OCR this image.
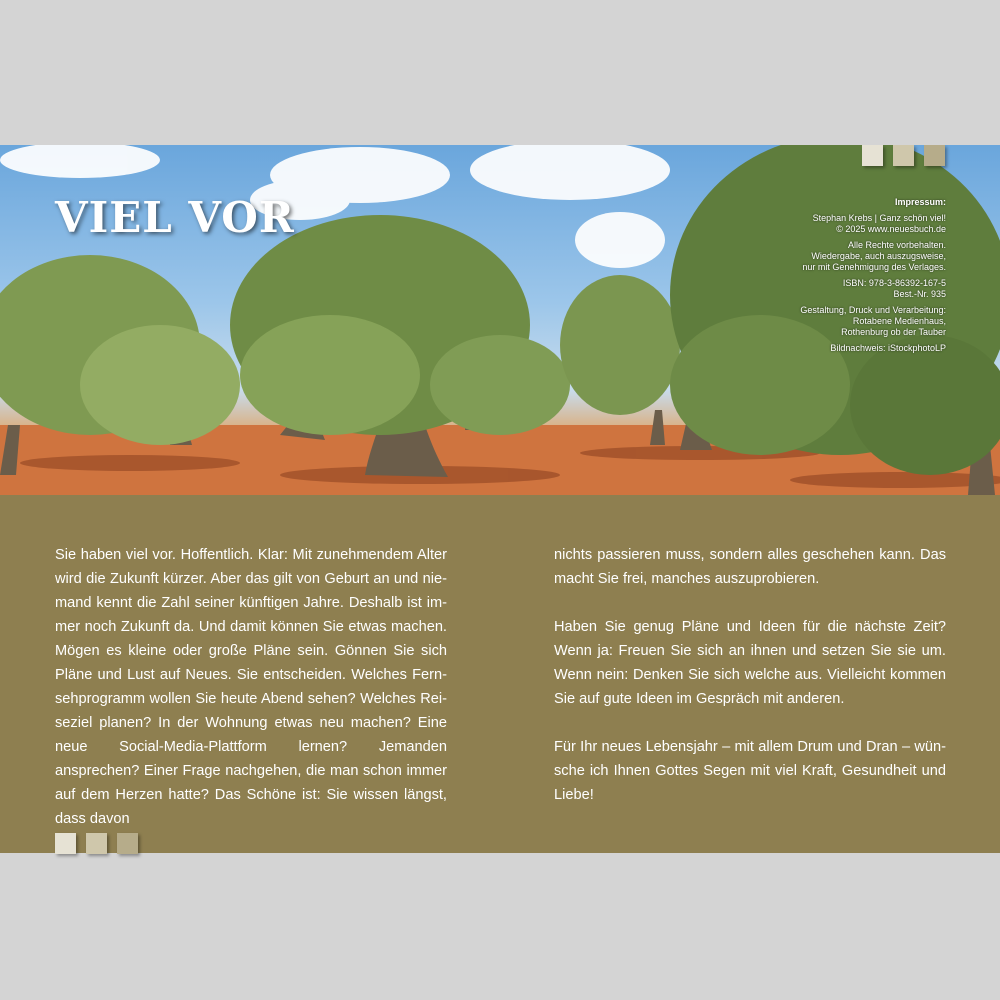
VIEL VOR	Impressum:

Stephan Krebs | Ganz schön viel!
© 2025 www.neuesbuch.de

Alle Rechte vorbehalten.
Wiedergabe, auch auszugsweise,
nur mit Genehmigung des Verlages.

ISBN: 978-3-86392-167-5
Best.-Nr. 935

Gestaltung, Druck und Verarbeitung:
Rotabene Medienhaus,
Rothenburg ob der Tauber

Bildnachweis: iStockphotoLP

Sie haben viel vor. Hoffentlich. Klar: Mit zunehmendem Alter wird die Zukunft kürzer. Aber das gilt von Geburt an und niemand kennt die Zahl seiner künftigen Jahre. Deshalb ist immer noch Zukunft da. Und damit können Sie etwas machen. Mögen es kleine oder große Pläne sein. Gönnen Sie sich Pläne und Lust auf Neues. Sie entscheiden. Welches Fernsehprogramm wollen Sie heute Abend sehen? Welches Reiseziel planen? In der Wohnung etwas neu machen? Eine neue Social-Media-Plattform lernen? Jemanden ansprechen? Einer Frage nachgehen, die man schon immer auf dem Herzen hatte? Das Schöne ist: Sie wissen längst, dass davon

nichts passieren muss, sondern alles geschehen kann. Das macht Sie frei, manches auszuprobieren.

Haben Sie genug Pläne und Ideen für die nächste Zeit? Wenn ja: Freuen Sie sich an ihnen und setzen Sie sie um. Wenn nein: Denken Sie sich welche aus. Vielleicht kommen Sie auf gute Ideen im Gespräch mit anderen.

Für Ihr neues Lebensjahr – mit allem Drum und Dran – wünsche ich Ihnen Gottes Segen mit viel Kraft, Gesundheit und Liebe!
